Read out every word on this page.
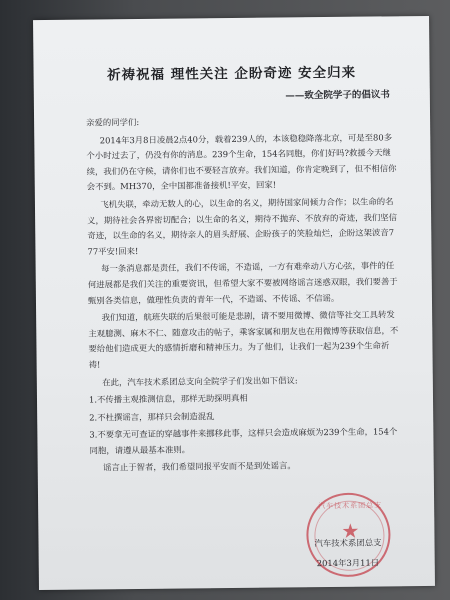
祈祷祝福 理性关注 企盼奇迹 安全归来
——致全院学子的倡议书

亲爱的同学们:

2014年3月8日凌晨2点40分，载着239人的，本该稳稳降落北京，可是至80多个小时过去了，仍没有你的消息。239个生命，154名同胞，你们好吗?救援今天继续，我们仍在守候，请你们也不要轻言放弃。我们知道，你肯定晚到了，但不相信你会不到。MH370，全中国都准备接机!平安，回家!

飞机失联，牵动无数人的心，以生命的名义，期待国家间倾力合作；以生命的名义，期待社会各界密切配合；以生命的名义，期待不抛弃、不放弃的奇迹，我们坚信奇迹，以生命的名义，期待亲人的眉头舒展、企盼孩子的笑脸灿烂，企盼这架波音777平安!回来!

每一条消息都是责任，我们不传谣，不造谣，一方有难牵动八方心弦，事件的任何进展都是我们关注的重要资讯，但希望大家不要被网络谣言迷惑双眼，我们要善于甄别各类信息，做理性负责的青年一代，不造谣、不传谣、不信谣。

我们知道，航班失联的后果很可能是悲剧，请不要用微博、微信等社交工具转发主观臆测、麻木不仁、随意攻击的帖子，乘客家属和朋友也在用微博等获取信息，不要给他们造成更大的感情折磨和精神压力。为了他们，让我们一起为239个生命祈祷!

在此，汽车技术系团总支向全院学子们发出如下倡议:

1.不传播主观推测信息，那样无助探明真相

2.不杜撰谣言，那样只会制造混乱

3.不要拿无可查证的穿越事件来挪移此事，这样只会造成麻烦为239个生命，154个同胞，请遵从最基本准则。

谣言止于智者，我们希望同报平安而不是到处谣言。

汽车技术系团总支
★
汽车技术系团总支
2014年3月11日
